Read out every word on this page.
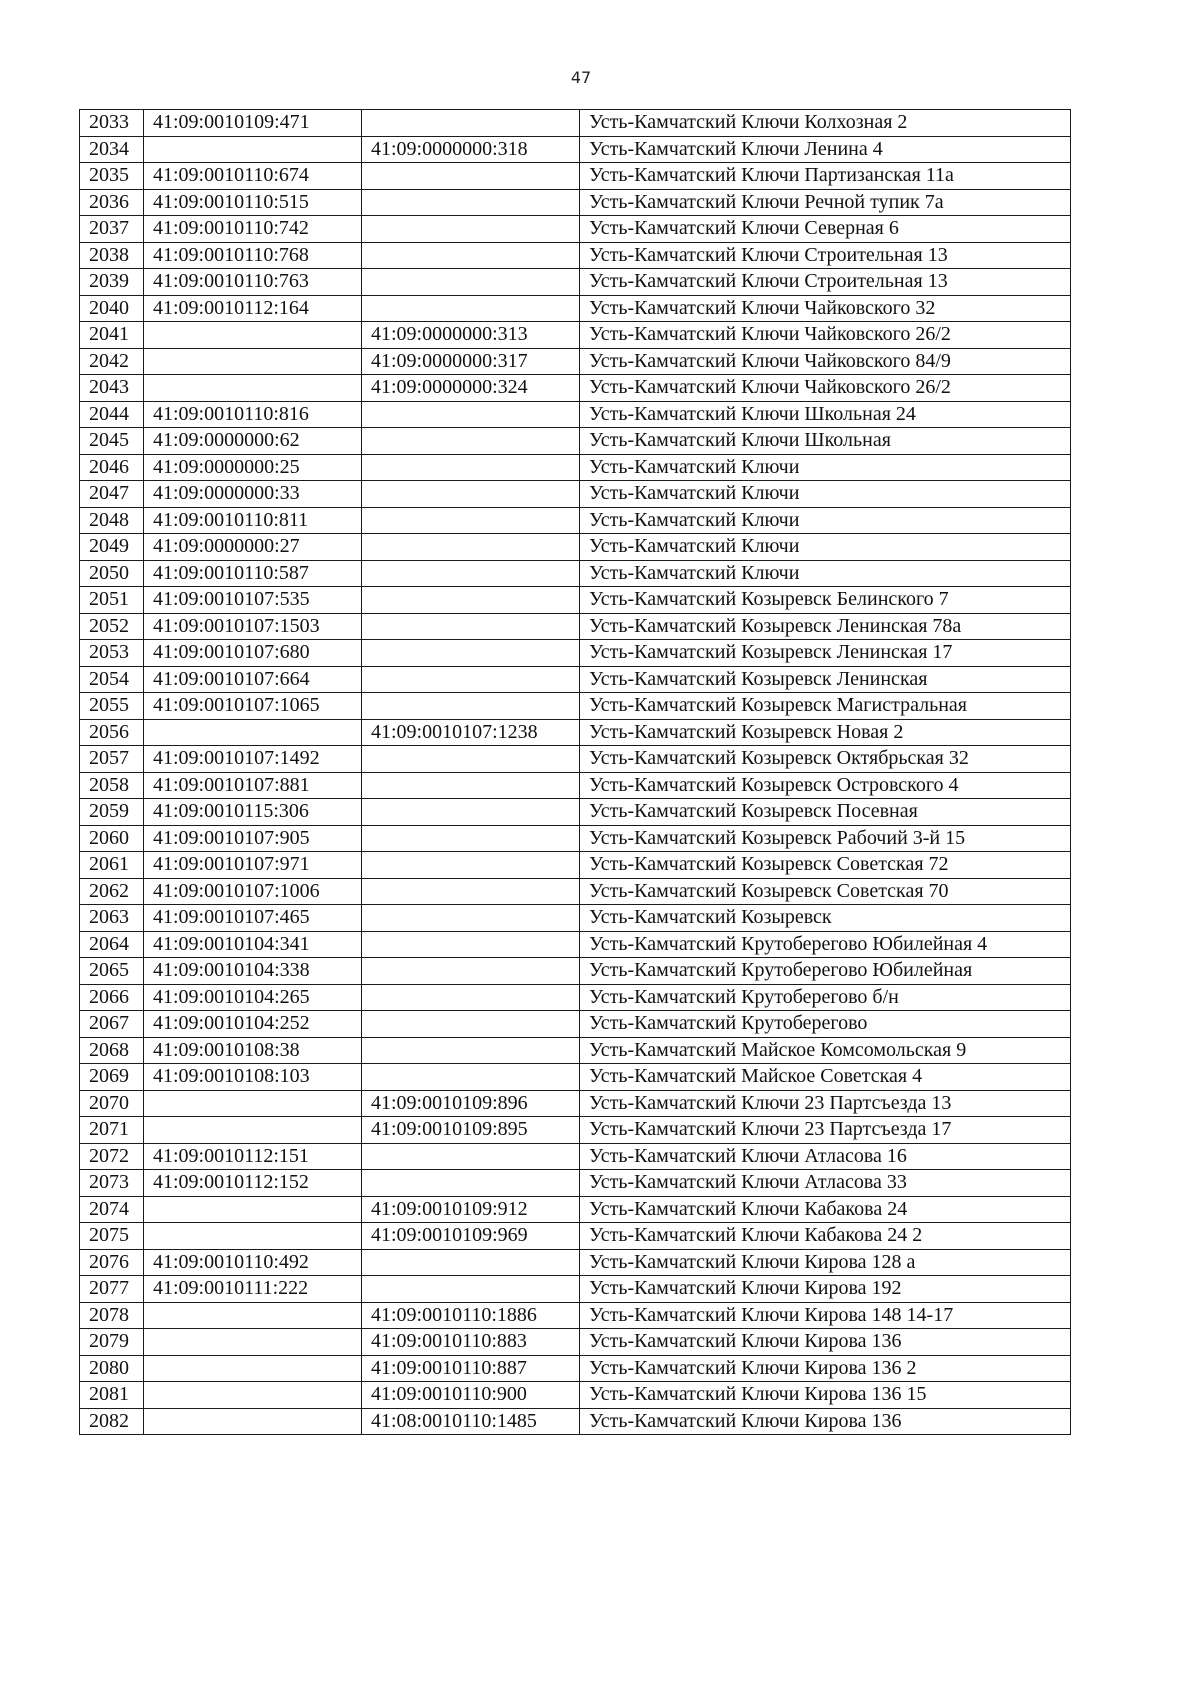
47
2033	41:09:0010109:471		Усть-Камчатский Ключи Колхозная 2
2034		41:09:0000000:318	Усть-Камчатский Ключи Ленина 4
2035	41:09:0010110:674		Усть-Камчатский Ключи Партизанская 11а
2036	41:09:0010110:515		Усть-Камчатский Ключи Речной тупик 7а
2037	41:09:0010110:742		Усть-Камчатский Ключи Северная 6
2038	41:09:0010110:768		Усть-Камчатский Ключи Строительная 13
2039	41:09:0010110:763		Усть-Камчатский Ключи Строительная 13
2040	41:09:0010112:164		Усть-Камчатский Ключи Чайковского 32
2041		41:09:0000000:313	Усть-Камчатский Ключи Чайковского 26/2
2042		41:09:0000000:317	Усть-Камчатский Ключи Чайковского 84/9
2043		41:09:0000000:324	Усть-Камчатский Ключи Чайковского 26/2
2044	41:09:0010110:816		Усть-Камчатский Ключи Школьная 24
2045	41:09:0000000:62		Усть-Камчатский Ключи Школьная
2046	41:09:0000000:25		Усть-Камчатский Ключи
2047	41:09:0000000:33		Усть-Камчатский Ключи
2048	41:09:0010110:811		Усть-Камчатский Ключи
2049	41:09:0000000:27		Усть-Камчатский Ключи
2050	41:09:0010110:587		Усть-Камчатский Ключи
2051	41:09:0010107:535		Усть-Камчатский Козыревск Белинского 7
2052	41:09:0010107:1503		Усть-Камчатский Козыревск Ленинская 78а
2053	41:09:0010107:680		Усть-Камчатский Козыревск Ленинская 17
2054	41:09:0010107:664		Усть-Камчатский Козыревск Ленинская
2055	41:09:0010107:1065		Усть-Камчатский Козыревск Магистральная
2056		41:09:0010107:1238	Усть-Камчатский Козыревск Новая 2
2057	41:09:0010107:1492		Усть-Камчатский Козыревск Октябрьская 32
2058	41:09:0010107:881		Усть-Камчатский Козыревск Островского 4
2059	41:09:0010115:306		Усть-Камчатский Козыревск Посевная
2060	41:09:0010107:905		Усть-Камчатский Козыревск Рабочий 3-й 15
2061	41:09:0010107:971		Усть-Камчатский Козыревск Советская 72
2062	41:09:0010107:1006		Усть-Камчатский Козыревск Советская 70
2063	41:09:0010107:465		Усть-Камчатский Козыревск
2064	41:09:0010104:341		Усть-Камчатский Крутоберегово Юбилейная 4
2065	41:09:0010104:338		Усть-Камчатский Крутоберегово Юбилейная
2066	41:09:0010104:265		Усть-Камчатский Крутоберегово б/н
2067	41:09:0010104:252		Усть-Камчатский Крутоберегово
2068	41:09:0010108:38		Усть-Камчатский Майское Комсомольская 9
2069	41:09:0010108:103		Усть-Камчатский Майское Советская 4
2070		41:09:0010109:896	Усть-Камчатский Ключи 23 Партсъезда 13
2071		41:09:0010109:895	Усть-Камчатский Ключи 23 Партсъезда 17
2072	41:09:0010112:151		Усть-Камчатский Ключи Атласова 16
2073	41:09:0010112:152		Усть-Камчатский Ключи Атласова 33
2074		41:09:0010109:912	Усть-Камчатский Ключи Кабакова 24
2075		41:09:0010109:969	Усть-Камчатский Ключи Кабакова 24 2
2076	41:09:0010110:492		Усть-Камчатский Ключи Кирова 128 а
2077	41:09:0010111:222		Усть-Камчатский Ключи Кирова 192
2078		41:09:0010110:1886	Усть-Камчатский Ключи Кирова 148 14-17
2079		41:09:0010110:883	Усть-Камчатский Ключи Кирова 136
2080		41:09:0010110:887	Усть-Камчатский Ключи Кирова 136 2
2081		41:09:0010110:900	Усть-Камчатский Ключи Кирова 136 15
2082		41:08:0010110:1485	Усть-Камчатский Ключи Кирова 136
